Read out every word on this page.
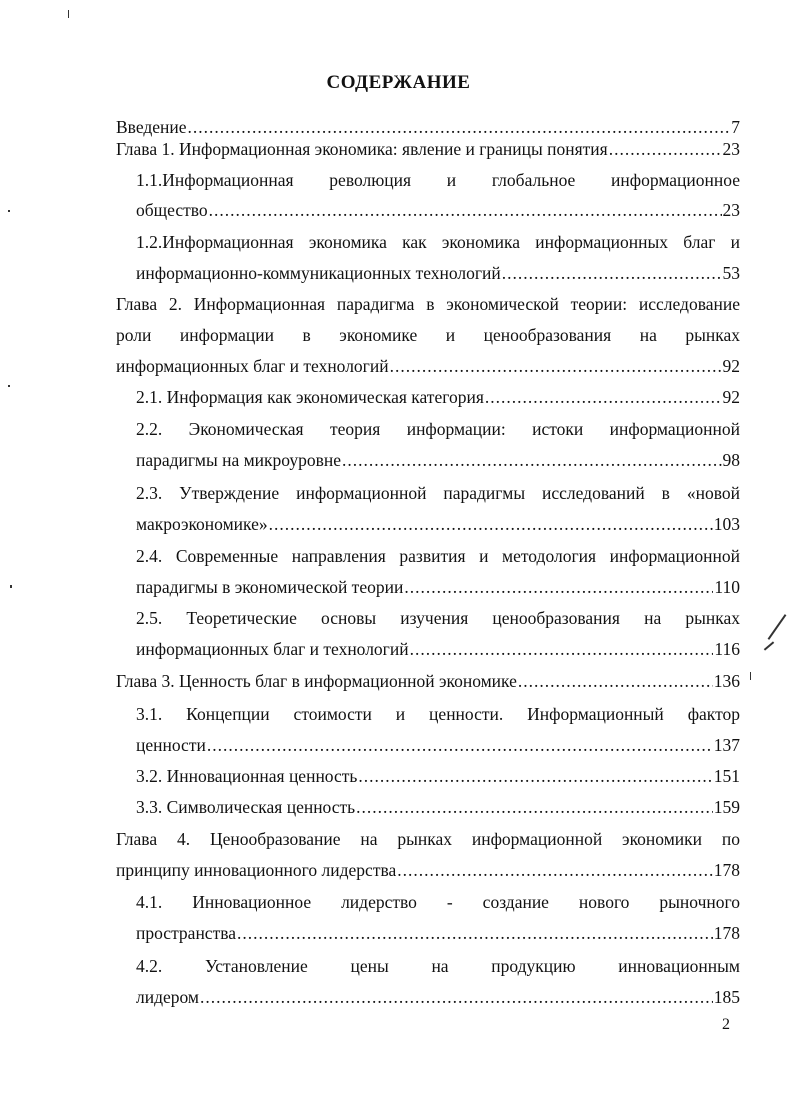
СОДЕРЖАНИЕ
Введение .....	7
Глава 1. Информационная экономика: явление и границы понятия .....	23
1.1.Информационная революция и глобальное информационное
общество .....	23
1.2.Информационная экономика как экономика информационных благ и
информационно-коммуникационных технологий .....	53
Глава 2. Информационная парадигма в экономической теории: исследование
роли информации в экономике и ценообразования на рынках
информационных благ и технологий .....	92
2.1. Информация как экономическая категория .....	92
2.2. Экономическая теория информации: истоки информационной
парадигмы на микроуровне .....	98
2.3. Утверждение информационной парадигмы исследований в «новой
макроэкономике» .....	103
2.4. Современные направления развития и методология информационной
парадигмы в экономической теории .....	110
2.5. Теоретические основы изучения ценообразования на рынках
информационных благ и технологий .....	116
Глава 3. Ценность благ в информационной экономике .....	136
3.1. Концепции стоимости и ценности. Информационный фактор
ценности .....	137
3.2. Инновационная ценность .....	151
3.3. Символическая ценность .....	159
Глава 4. Ценообразование на рынках информационной экономики по
принципу инновационного лидерства .....	178
4.1. Инновационное лидерство - создание нового рыночного
пространства .....	178
4.2. Установление цены на продукцию инновационным
лидером .....	185
2
